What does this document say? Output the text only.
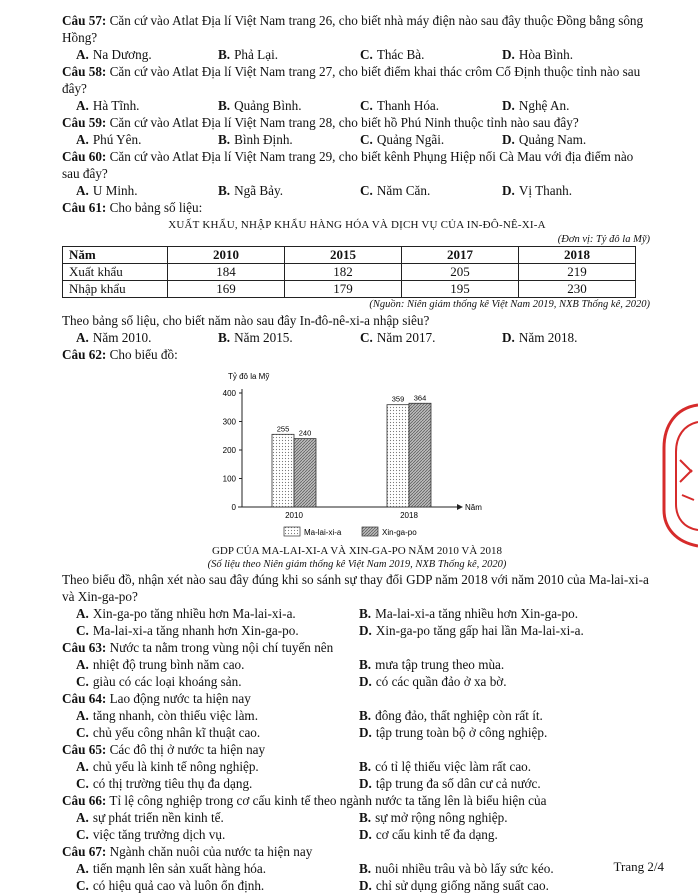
Câu 57: Căn cứ vào Atlat Địa lí Việt Nam trang 26, cho biết nhà máy điện nào sau đây thuộc Đồng bằng sông Hồng?
A. Na Dương.	B. Phả Lại.	C. Thác Bà.	D. Hòa Bình.
Câu 58: Căn cứ vào Atlat Địa lí Việt Nam trang 27, cho biết điểm khai thác crôm Cổ Định thuộc tỉnh nào sau đây?
A. Hà Tĩnh.	B. Quảng Bình.	C. Thanh Hóa.	D. Nghệ An.
Câu 59: Căn cứ vào Atlat Địa lí Việt Nam trang 28, cho biết hồ Phú Ninh thuộc tỉnh nào sau đây?
A. Phú Yên.	B. Bình Định.	C. Quảng Ngãi.	D. Quảng Nam.
Câu 60: Căn cứ vào Atlat Địa lí Việt Nam trang 29, cho biết kênh Phụng Hiệp nối Cà Mau với địa điểm nào sau đây?
A. U Minh.	B. Ngã Bảy.	C. Năm Căn.	D. Vị Thanh.
Câu 61: Cho bảng số liệu:
XUẤT KHẨU, NHẬP KHẨU HÀNG HÓA VÀ DỊCH VỤ CỦA IN-ĐÔ-NÊ-XI-A
(Đơn vị: Tỷ đô la Mỹ)
Năm	2010	2015	2017	2018
Xuất khẩu	184	182	205	219
Nhập khẩu	169	179	195	230
(Nguồn: Niên giám thống kê Việt Nam 2019, NXB Thống kê, 2020)
Theo bảng số liệu, cho biết năm nào sau đây In-đô-nê-xi-a nhập siêu?
A. Năm 2010.	B. Năm 2015.	C. Năm 2017.	D. Năm 2018.
Câu 62: Cho biểu đồ:
Tỷ đô la Mỹ
Năm
0
100
200
300
400
255 240
2010
359 364
2018
Ma-lai-xi-a	Xin-ga-po
GDP CỦA MA-LAI-XI-A VÀ XIN-GA-PO NĂM 2010 VÀ 2018
(Số liệu theo Niên giám thống kê Việt Nam 2019, NXB Thống kê, 2020)
Theo biểu đồ, nhận xét nào sau đây đúng khi so sánh sự thay đổi GDP năm 2018 với năm 2010 của Ma-lai-xi-a và Xin-ga-po?
A. Xin-ga-po tăng nhiều hơn Ma-lai-xi-a.	B. Ma-lai-xi-a tăng nhiều hơn Xin-ga-po.
C. Ma-lai-xi-a tăng nhanh hơn Xin-ga-po.	D. Xin-ga-po tăng gấp hai lần Ma-lai-xi-a.
Câu 63: Nước ta nằm trong vùng nội chí tuyến nên
A. nhiệt độ trung bình năm cao.	B. mưa tập trung theo mùa.
C. giàu có các loại khoáng sản.	D. có các quần đảo ở xa bờ.
Câu 64: Lao động nước ta hiện nay
A. tăng nhanh, còn thiếu việc làm.	B. đông đảo, thất nghiệp còn rất ít.
C. chủ yếu công nhân kĩ thuật cao.	D. tập trung toàn bộ ở công nghiệp.
Câu 65: Các đô thị ở nước ta hiện nay
A. chủ yếu là kinh tế nông nghiệp.	B. có tỉ lệ thiếu việc làm rất cao.
C. có thị trường tiêu thụ đa dạng.	D. tập trung đa số dân cư cả nước.
Câu 66: Tỉ lệ công nghiệp trong cơ cấu kinh tế theo ngành nước ta tăng lên là biểu hiện của
A. sự phát triển nền kinh tế.	B. sự mở rộng nông nghiệp.
C. việc tăng trưởng dịch vụ.	D. cơ cấu kinh tế đa dạng.
Câu 67: Ngành chăn nuôi của nước ta hiện nay
A. tiến mạnh lên sản xuất hàng hóa.	B. nuôi nhiều trâu và bò lấy sức kéo.
C. có hiệu quả cao và luôn ổn định.	D. chỉ sử dụng giống năng suất cao.
Trang 2/4
